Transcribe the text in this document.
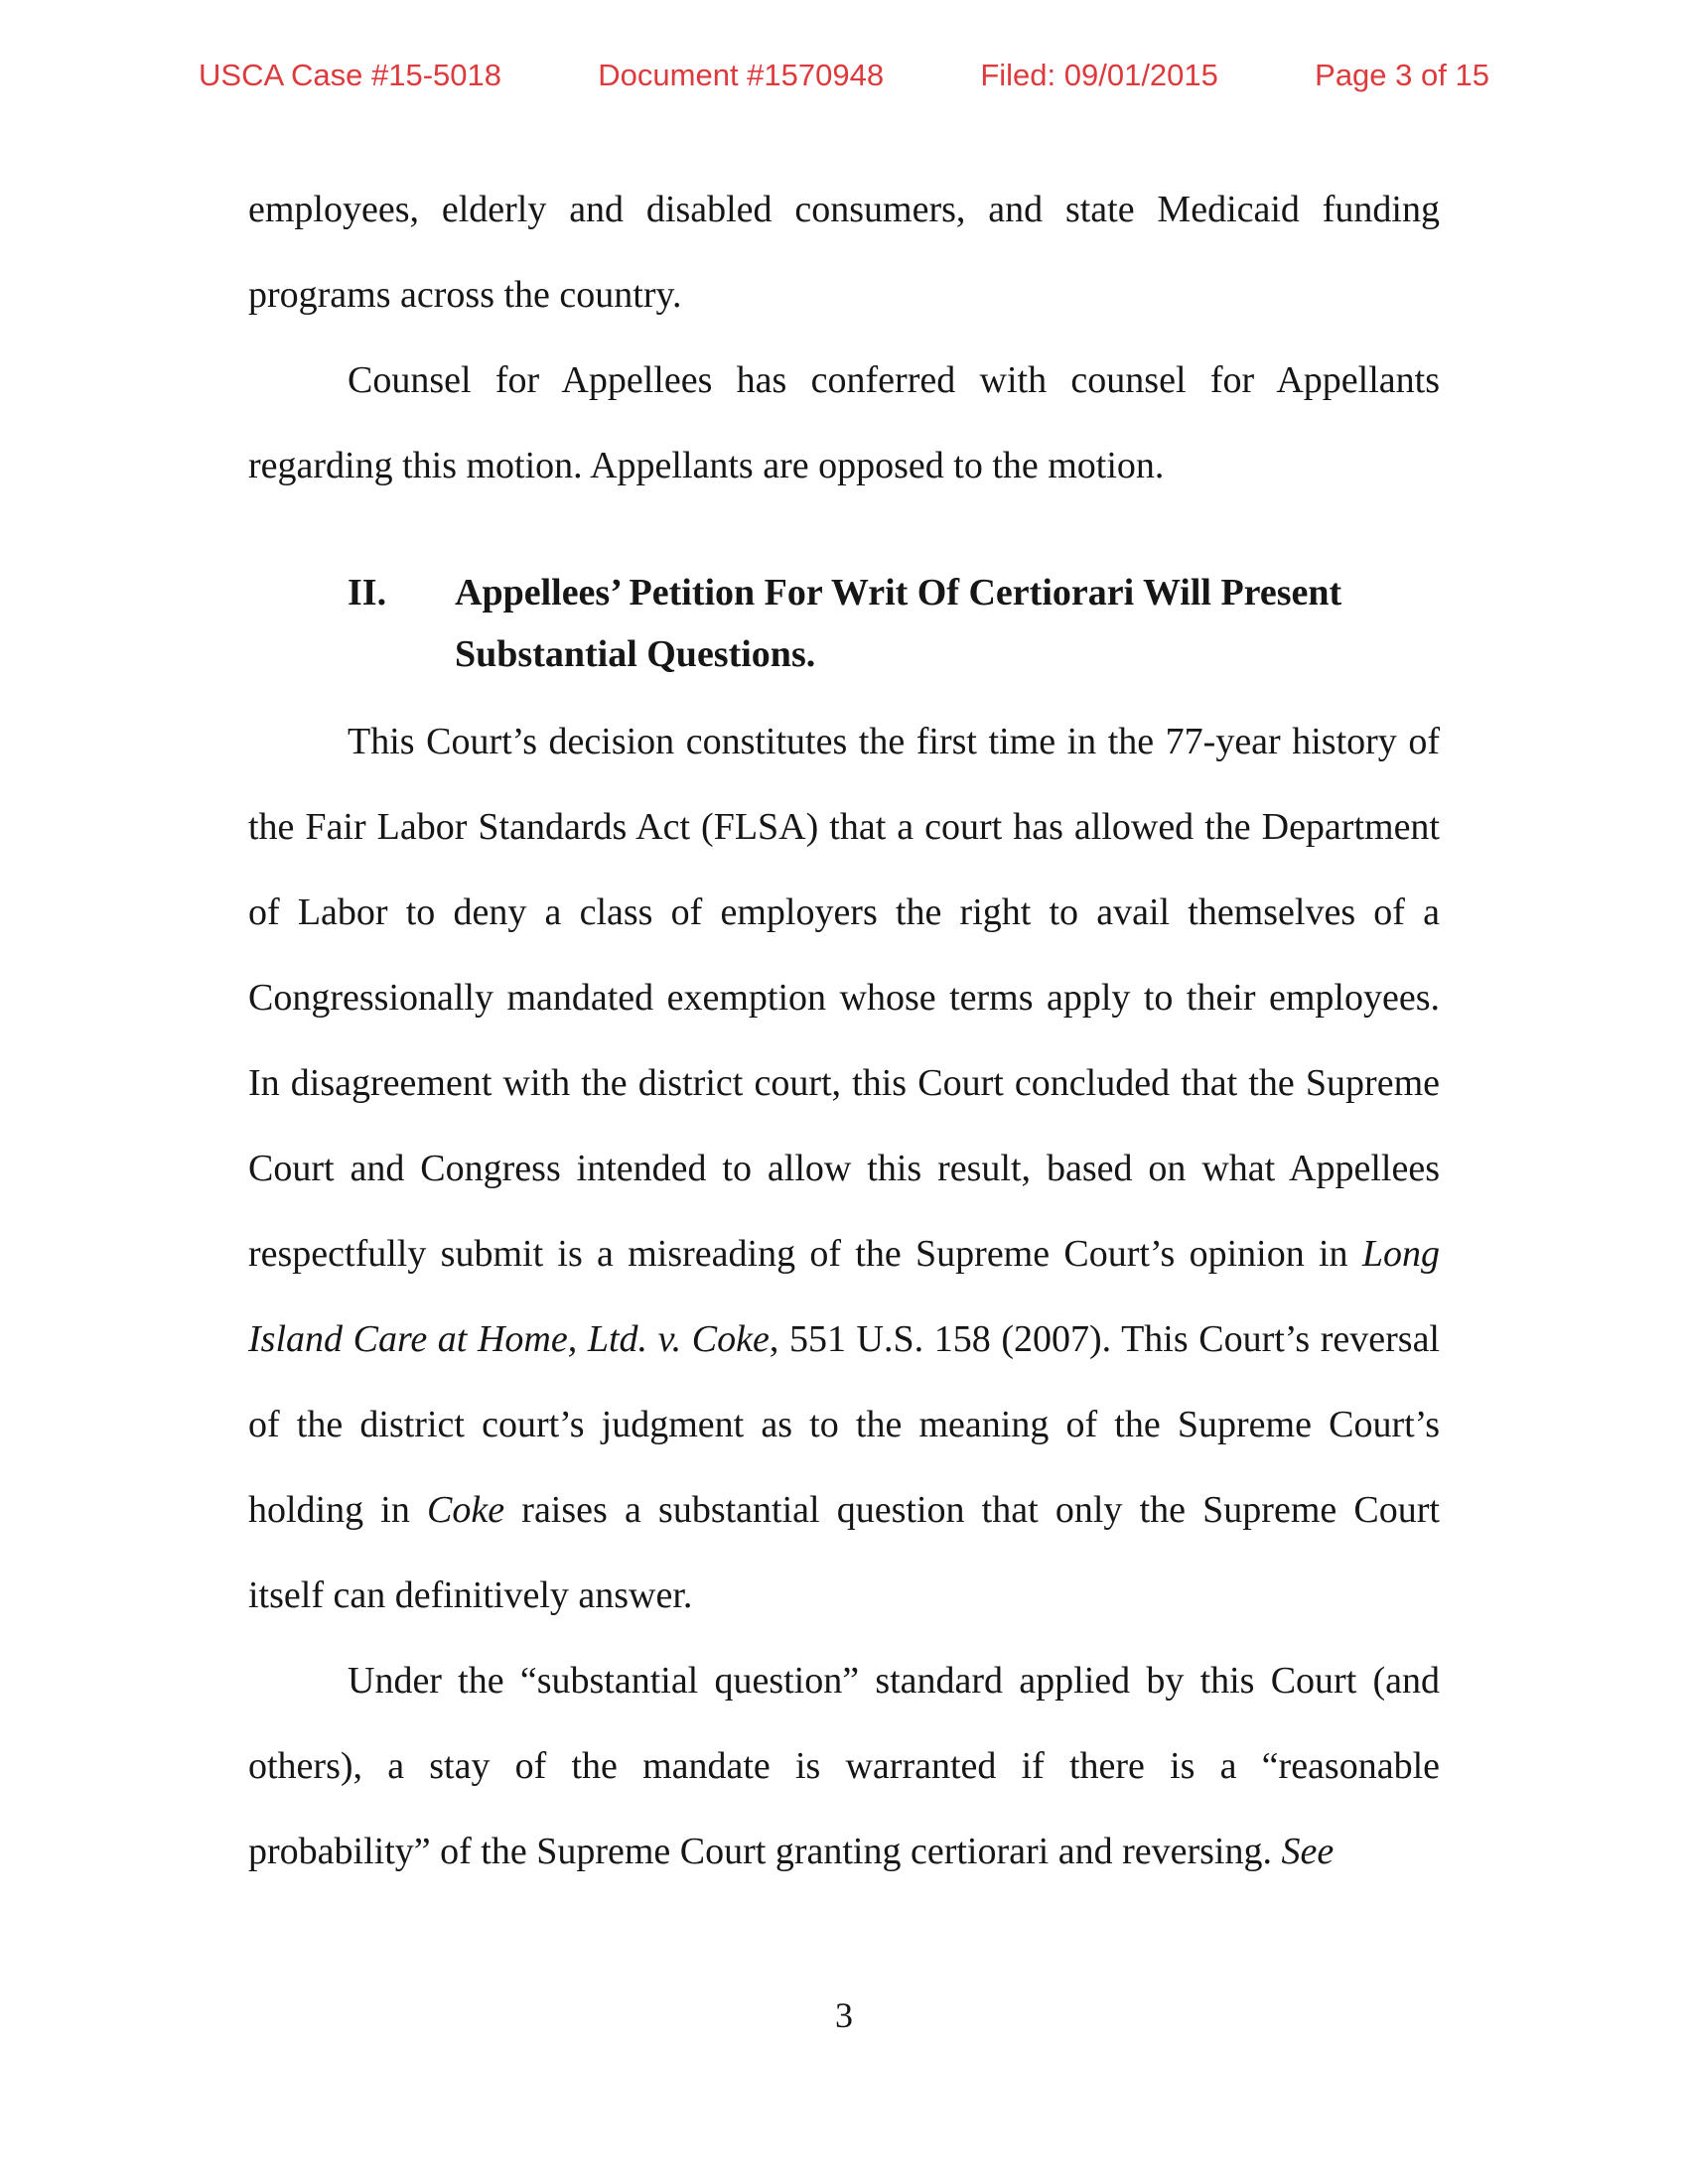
USCA Case #15-5018	Document #1570948	Filed: 09/01/2015	Page 3 of 15

employees, elderly and disabled consumers, and state Medicaid funding programs across the country.

Counsel for Appellees has conferred with counsel for Appellants regarding this motion. Appellants are opposed to the motion.

II. Appellees’ Petition For Writ Of Certiorari Will Present Substantial Questions.

This Court’s decision constitutes the first time in the 77-year history of the Fair Labor Standards Act (FLSA) that a court has allowed the Department of Labor to deny a class of employers the right to avail themselves of a Congressionally mandated exemption whose terms apply to their employees. In disagreement with the district court, this Court concluded that the Supreme Court and Congress intended to allow this result, based on what Appellees respectfully submit is a misreading of the Supreme Court’s opinion in Long Island Care at Home, Ltd. v. Coke, 551 U.S. 158 (2007). This Court’s reversal of the district court’s judgment as to the meaning of the Supreme Court’s holding in Coke raises a substantial question that only the Supreme Court itself can definitively answer.

Under the “substantial question” standard applied by this Court (and others), a stay of the mandate is warranted if there is a “reasonable probability” of the Supreme Court granting certiorari and reversing. See

3
